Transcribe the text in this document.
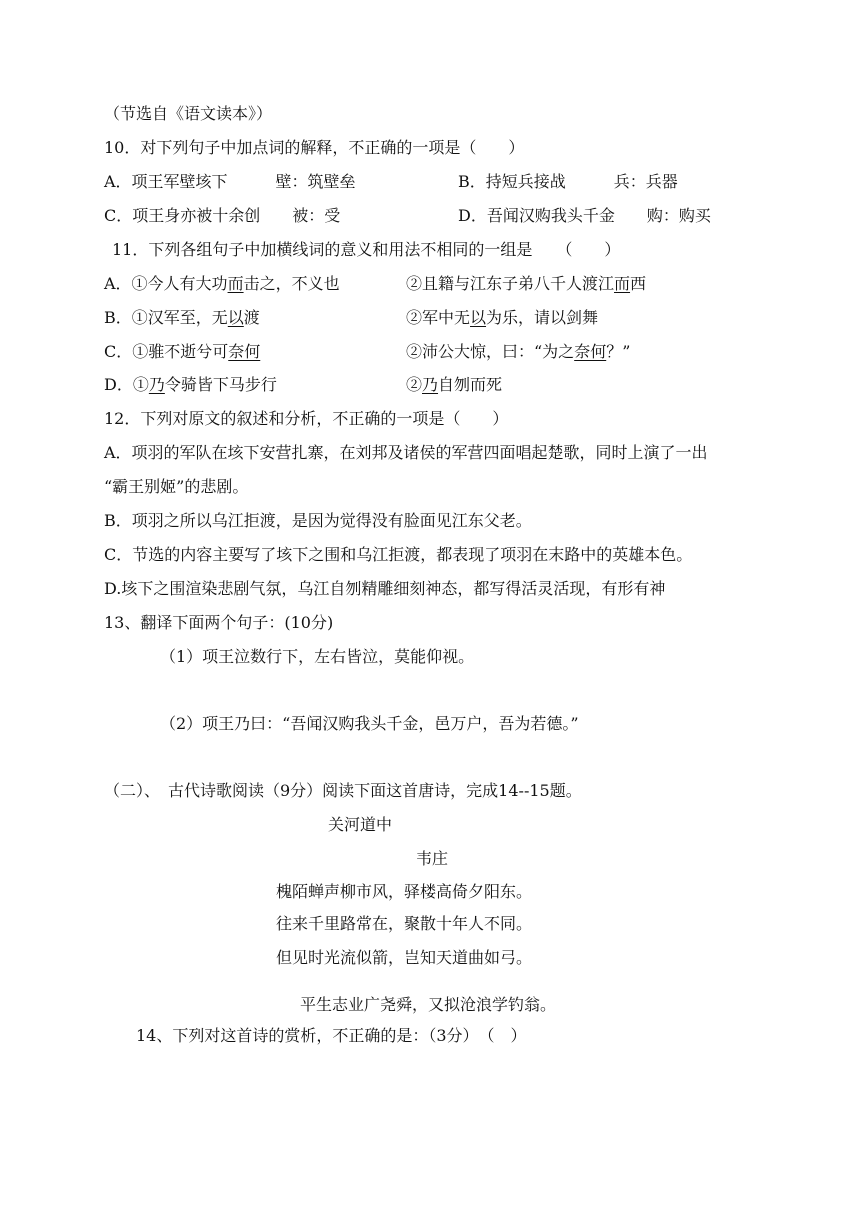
（节选自《语文读本》）
10．对下列句子中加点词的解释，不正确的一项是（　　）
A．项王军壁垓下　　　壁：筑壁垒	B．持短兵接战　　　兵：兵器
C．项王身亦被十余创　　被：受	D．吾闻汉购我头千金　　购：购买
11．下列各组句子中加横线词的意义和用法不相同的一组是　　（　　）
A．①今人有大功而击之，不义也	②且籍与江东子弟八千人渡江而西
B．①汉军至，无以渡	②军中无以为乐，请以剑舞
C．①骓不逝兮可奈何	②沛公大惊，曰：“为之奈何？”
D．①乃令骑皆下马步行	②乃自刎而死
12．下列对原文的叙述和分析，不正确的一项是（　　）
A．项羽的军队在垓下安营扎寨，在刘邦及诸侯的军营四面唱起楚歌，同时上演了一出
“霸王别姬”的悲剧。
B．项羽之所以乌江拒渡，是因为觉得没有脸面见江东父老。
C．节选的内容主要写了垓下之围和乌江拒渡，都表现了项羽在末路中的英雄本色。
D.垓下之围渲染悲剧气氛，乌江自刎精雕细刻神态，都写得活灵活现，有形有神
13、翻译下面两个句子：(10分)
（1）项王泣数行下，左右皆泣，莫能仰视。
（2）项王乃曰：“吾闻汉购我头千金，邑万户，吾为若德。”
（二）、　古代诗歌阅读（9分）阅读下面这首唐诗，完成14--15题。
关河道中
韦庄
槐陌蝉声柳市风，驿楼高倚夕阳东。
往来千里路常在，聚散十年人不同。
但见时光流似箭，岂知天道曲如弓。
平生志业广尧舜，又拟沧浪学钓翁。
14、下列对这首诗的赏析，不正确的是：（3分）　（　）
